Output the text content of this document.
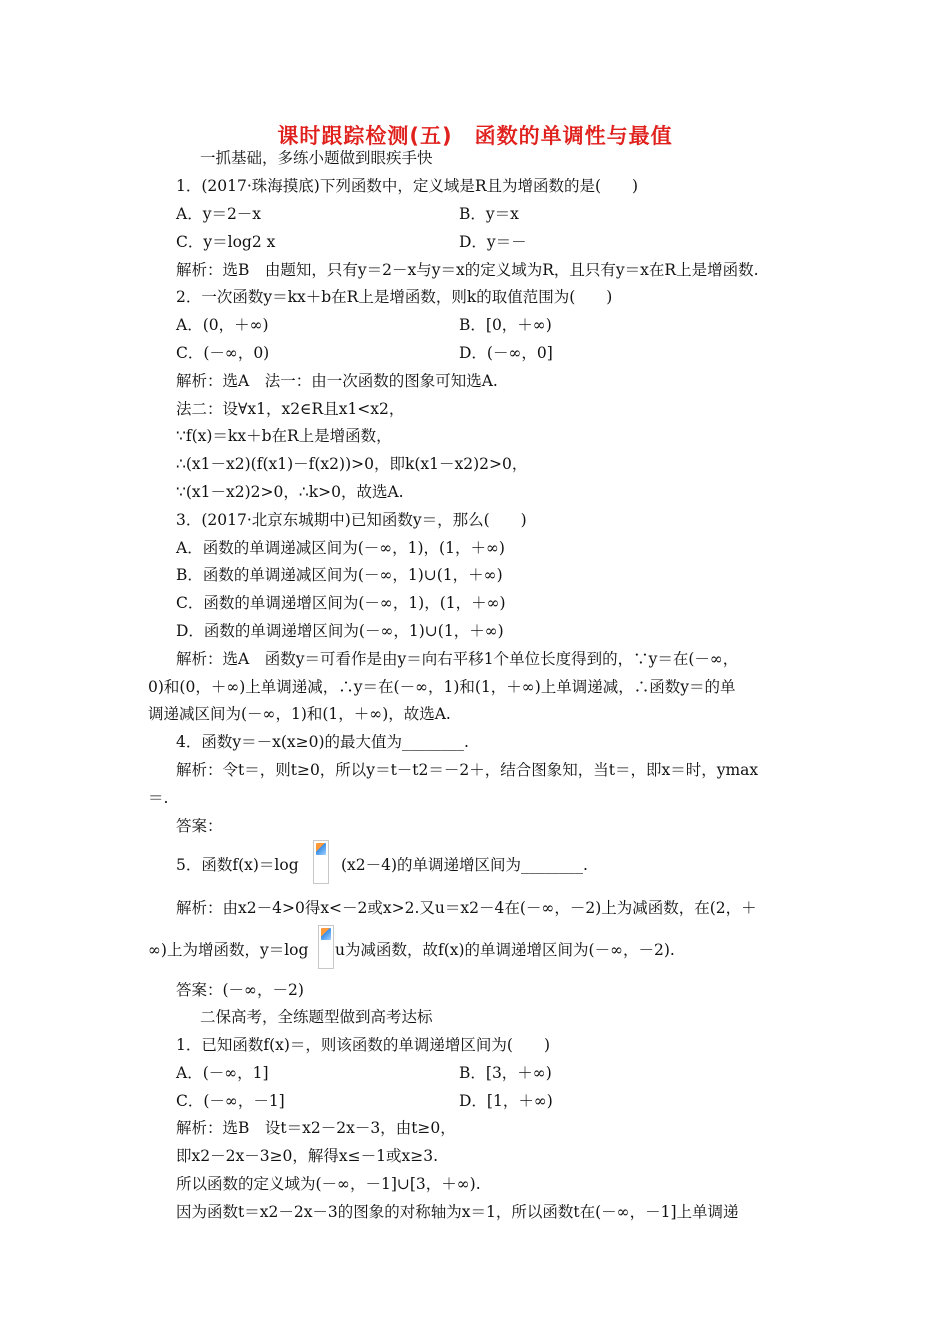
课时跟踪检测(五)　函数的单调性与最值
一抓基础，多练小题做到眼疾手快
1．(2017·珠海摸底)下列函数中，定义域是R且为增函数的是(　　)
A．y＝2－x	B．y＝x
C．y＝log2 x	D．y＝－
解析：选B　由题知，只有y＝2－x与y＝x的定义域为R，且只有y＝x在R上是增函数.
2．一次函数y＝kx＋b在R上是增函数，则k的取值范围为(　　)
A．(0，＋∞)	B．[0，＋∞)
C．(－∞，0)	D．(－∞，0]
解析：选A　法一：由一次函数的图象可知选A.
法二：设∀x1，x2∈R且x1<x2，
∵f(x)＝kx＋b在R上是增函数，
∴(x1－x2)(f(x1)－f(x2))>0，即k(x1－x2)2>0，
∵(x1－x2)2>0，∴k>0，故选A.
3．(2017·北京东城期中)已知函数y＝，那么(　　)
A．函数的单调递减区间为(－∞，1)，(1，＋∞)
B．函数的单调递减区间为(－∞，1)∪(1，＋∞)
C．函数的单调递增区间为(－∞，1)，(1，＋∞)
D．函数的单调递增区间为(－∞，1)∪(1，＋∞)
解析：选A　函数y＝可看作是由y＝向右平移1个单位长度得到的，∵y＝在(－∞，
0)和(0，＋∞)上单调递减，∴y＝在(－∞，1)和(1，＋∞)上单调递减，∴函数y＝的单
调递减区间为(－∞，1)和(1，＋∞)，故选A.
4．函数y＝－x(x≥0)的最大值为________.
解析：令t＝，则t≥0，所以y＝t－t2＝－2＋，结合图象知，当t＝，即x＝时，ymax
＝.
答案：
5．函数f(x)＝log	(x2－4)的单调递增区间为________.
解析：由x2－4>0得x<－2或x>2.又u＝x2－4在(－∞，－2)上为减函数，在(2，＋
∞)上为增函数，y＝log u为减函数，故f(x)的单调递增区间为(－∞，－2).
答案：(－∞，－2)
二保高考，全练题型做到高考达标
1．已知函数f(x)＝，则该函数的单调递增区间为(　　)
A．(－∞，1]	B．[3，＋∞)
C．(－∞，－1]	D．[1，＋∞)
解析：选B　设t＝x2－2x－3，由t≥0，
即x2－2x－3≥0，解得x≤－1或x≥3.
所以函数的定义域为(－∞，－1]∪[3，＋∞).
因为函数t＝x2－2x－3的图象的对称轴为x＝1，所以函数t在(－∞，－1]上单调递
